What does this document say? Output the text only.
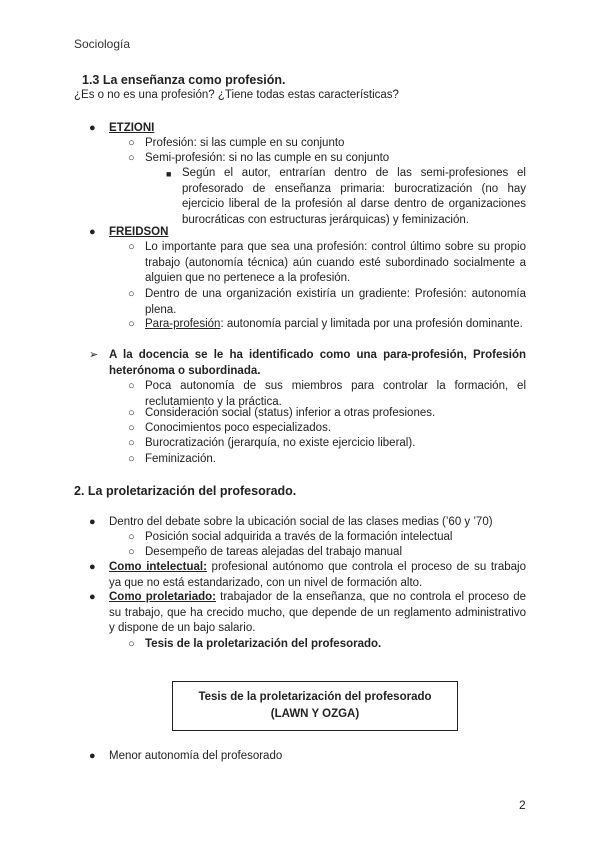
Sociología
1.3 La enseñanza como profesión.
¿Es o no es una profesión? ¿Tiene todas estas características?
● ETZIONI
○ Profesión: si las cumple en su conjunto
○ Semi-profesión: si no las cumple en su conjunto
■ Según el autor, entrarían dentro de las semi-profesiones el profesorado de enseñanza primaria: burocratización (no hay ejercicio liberal de la profesión al darse dentro de organizaciones burocráticas con estructuras jerárquicas) y feminización.
● FREIDSON
○ Lo importante para que sea una profesión: control último sobre su propio trabajo (autonomía técnica) aún cuando esté subordinado socialmente a alguien que no pertenece a la profesión.
○ Dentro de una organización existiría un gradiente: Profesión: autonomía plena.
○ Para-profesión: autonomía parcial y limitada por una profesión dominante.
➢ A la docencia se le ha identificado como una para-profesión, Profesión heterónoma o subordinada.
○ Poca autonomía de sus miembros para controlar la formación, el reclutamiento y la práctica.
○ Consideración social (status) inferior a otras profesiones.
○ Conocimientos poco especializados.
○ Burocratización (jerarquía, no existe ejercicio liberal).
○ Feminización.
2. La proletarización del profesorado.
● Dentro del debate sobre la ubicación social de las clases medias (’60 y ’70)
○ Posición social adquirida a través de la formación intelectual
○ Desempeño de tareas alejadas del trabajo manual
● Como intelectual: profesional autónomo que controla el proceso de su trabajo ya que no está estandarizado, con un nivel de formación alto.
● Como proletariado: trabajador de la enseñanza, que no controla el proceso de su trabajo, que ha crecido mucho, que depende de un reglamento administrativo y dispone de un bajo salario.
○ Tesis de la proletarización del profesorado.
Tesis de la proletarización del profesorado
(LAWN Y OZGA)
● Menor autonomía del profesorado
2
